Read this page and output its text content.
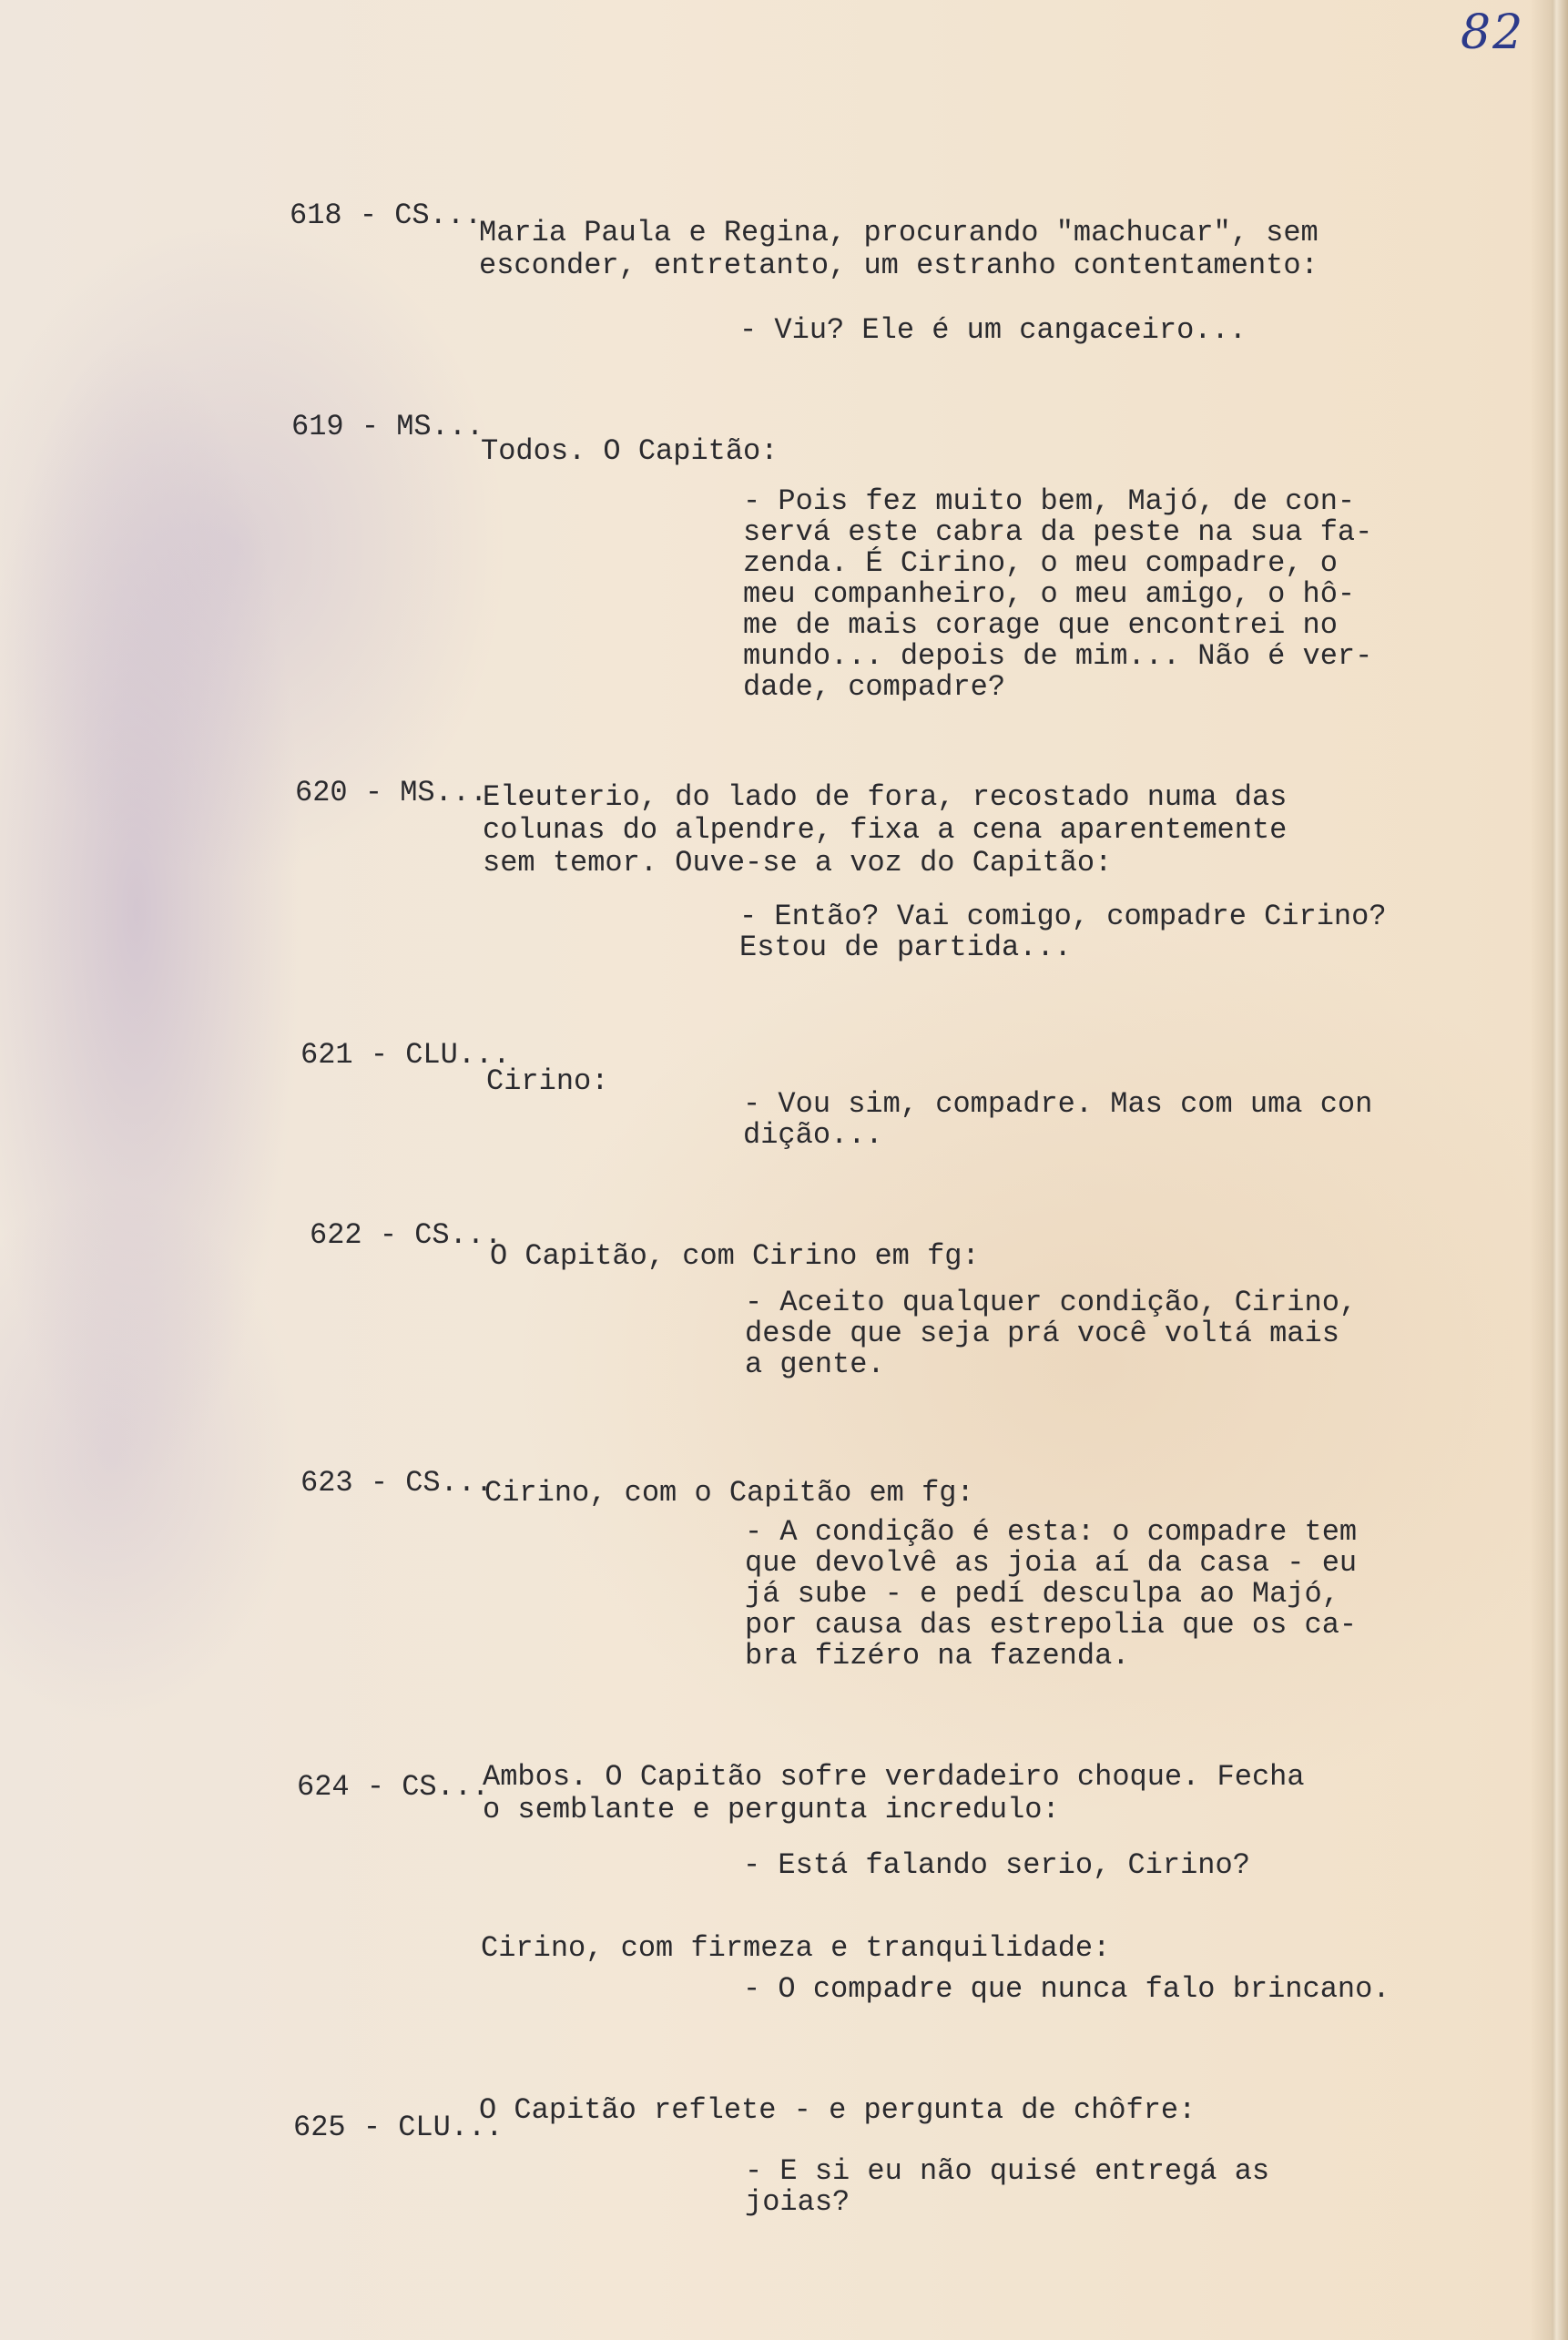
82
618 - CS...
Maria Paula e Regina, procurando "machucar", sem
esconder, entretanto, um estranho contentamento:
- Viu? Ele é um cangaceiro...
619 - MS...
Todos. O Capitão:
- Pois fez muito bem, Majó, de con-
servá este cabra da peste na sua fa-
zenda. É Cirino, o meu compadre, o
meu companheiro, o meu amigo, o hô-
me de mais corage que encontrei no
mundo... depois de mim... Não é ver-
dade, compadre?
620 - MS...
Eleuterio, do lado de fora, recostado numa das
colunas do alpendre, fixa a cena aparentemente
sem temor. Ouve-se a voz do Capitão:
- Então? Vai comigo, compadre Cirino?
Estou de partida...
621 - CLU...
Cirino:
- Vou sim, compadre. Mas com uma con
dição...
622 - CS...
O Capitão, com Cirino em fg:
- Aceito qualquer condição, Cirino,
desde que seja prá você voltá mais
a gente.
623 - CS...
Cirino, com o Capitão em fg:
- A condição é esta: o compadre tem
que devolvê as joia aí da casa - eu
já sube - e pedí desculpa ao Majó,
por causa das estrepolia que os ca-
bra fizéro na fazenda.
624 - CS...
Ambos. O Capitão sofre verdadeiro choque. Fecha
o semblante e pergunta incredulo:
- Está falando serio, Cirino?
Cirino, com firmeza e tranquilidade:
- O compadre que nunca falo brincano.
625 - CLU...
O Capitão reflete - e pergunta de chôfre:
- E si eu não quisé entregá as
joias?
